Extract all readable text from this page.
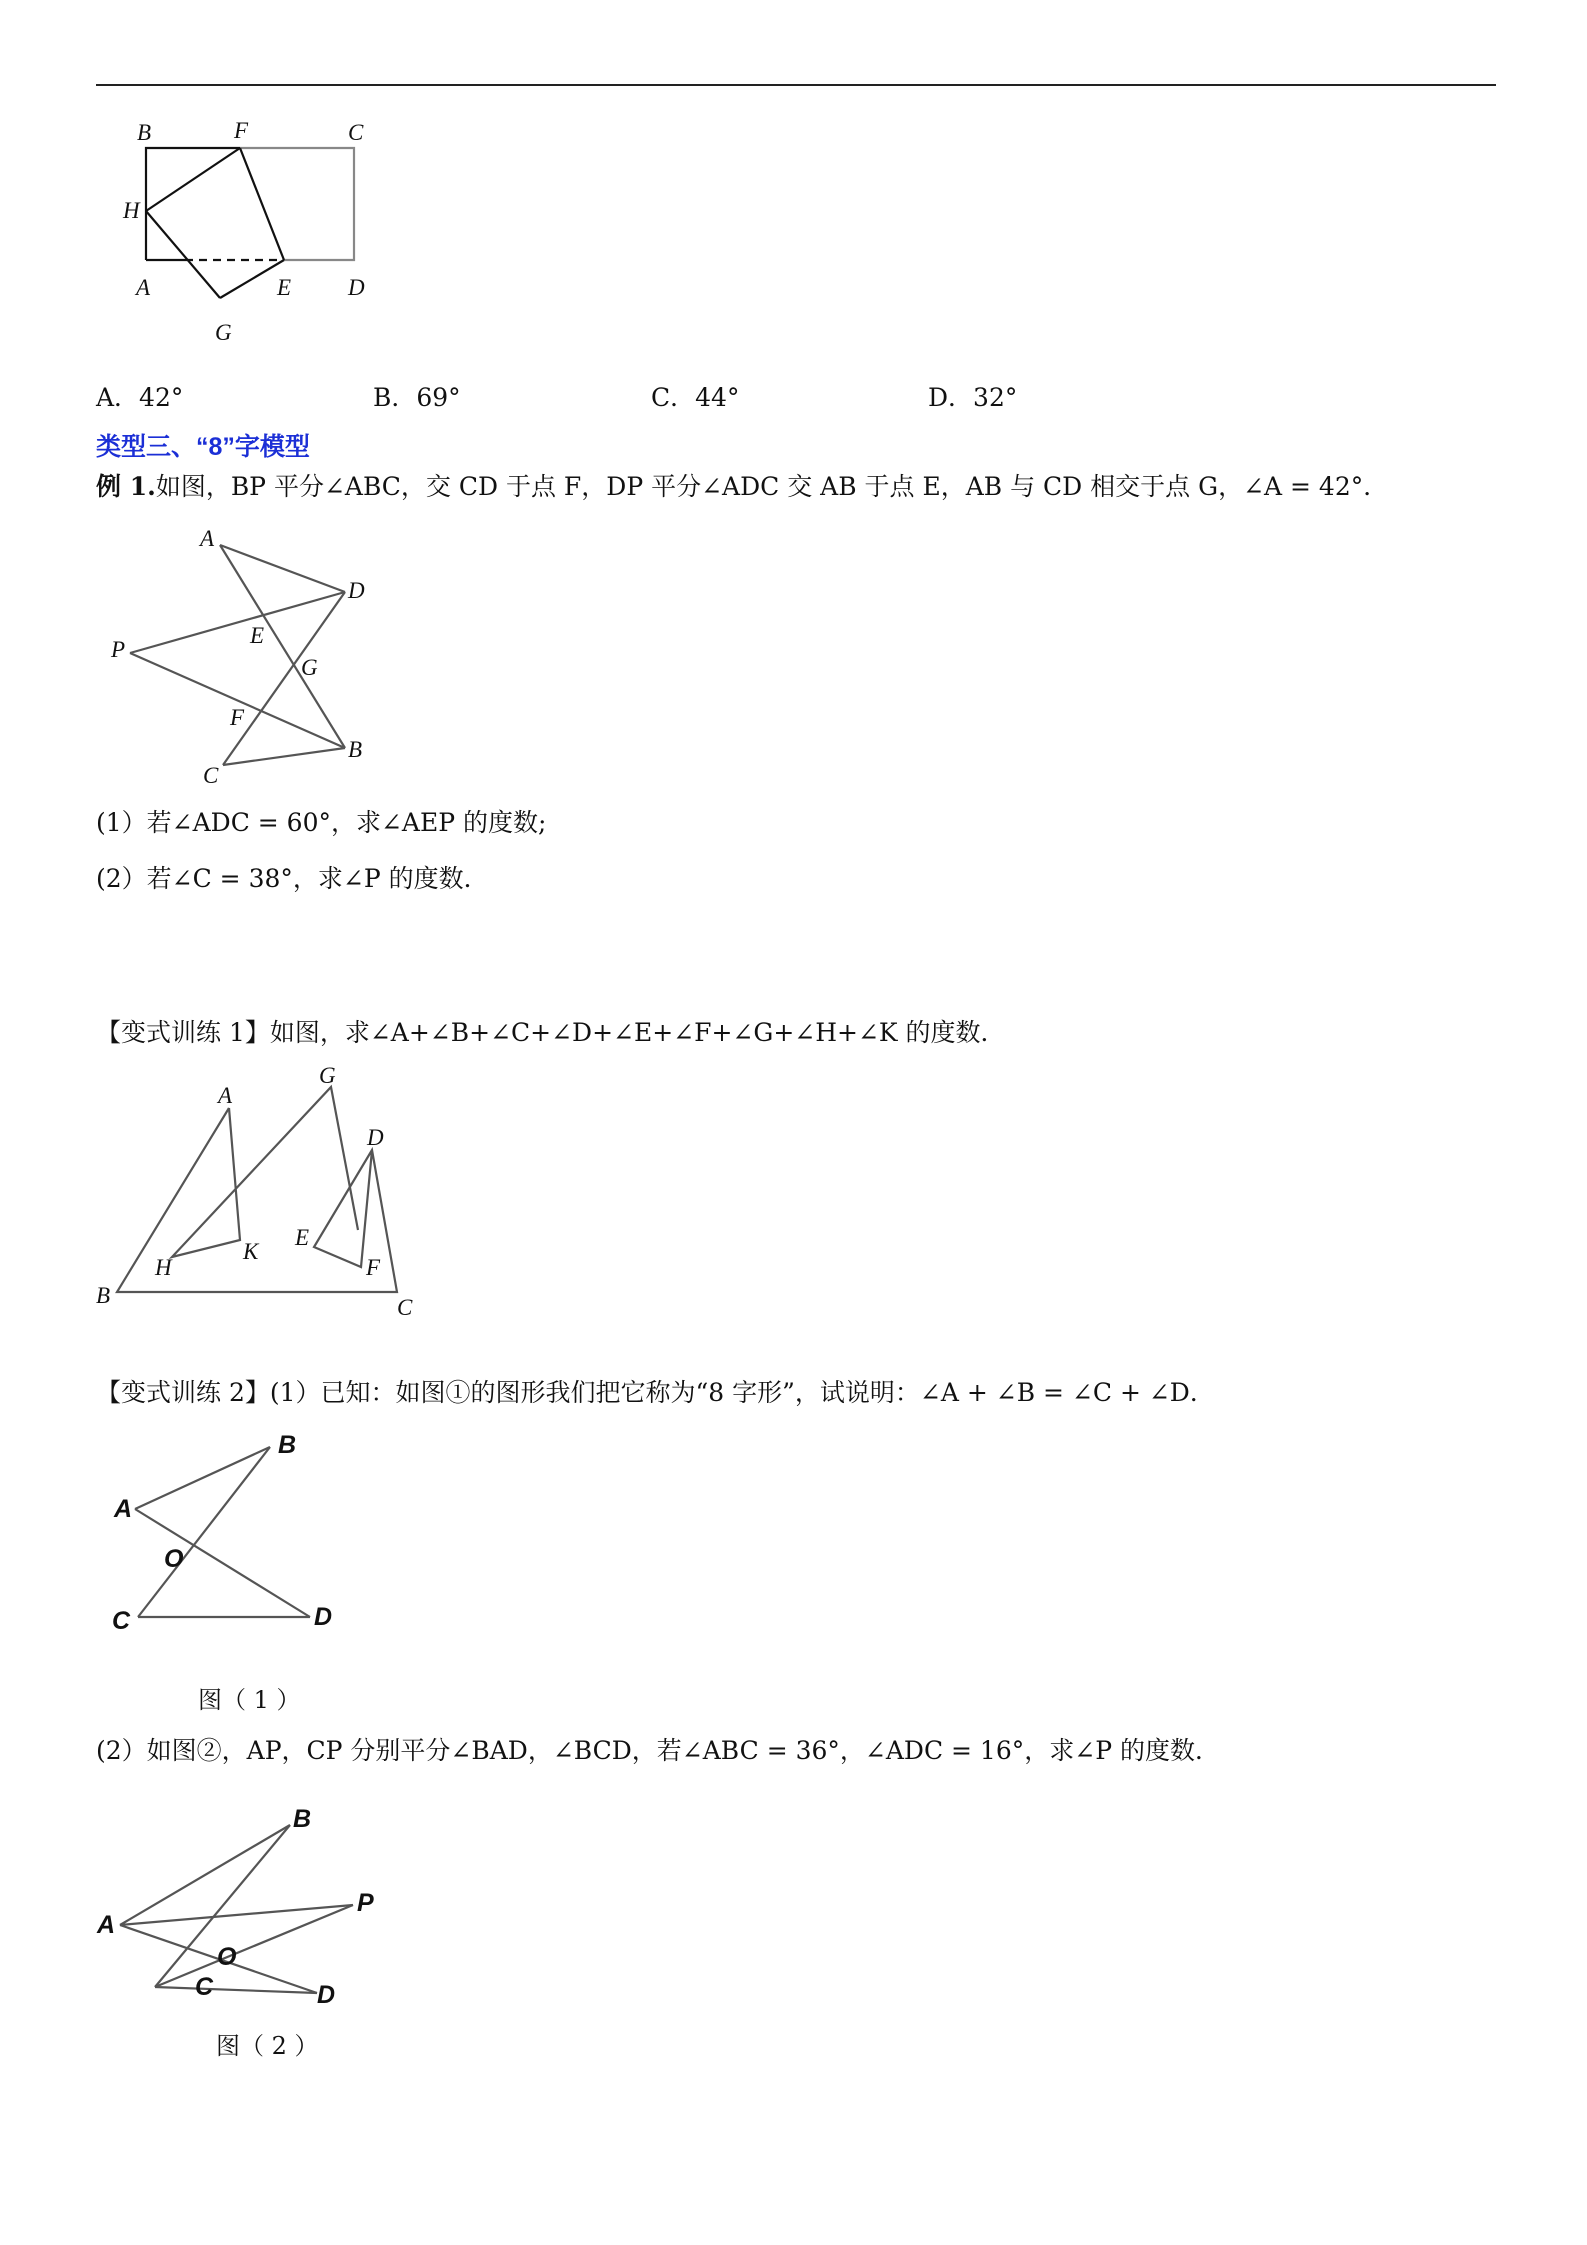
B	F	C
H
A	E D
G
A．42°	B．69°	C．44°	D．32°
类型三、“8”字模型
例 1.如图，BP 平分∠ABC，交 CD 于点 F，DP 平分∠ADC 交 AB 于点 E，AB 与 CD 相交于点 G，∠A = 42°．
A
D
E
P
G
F
C
B
(1）若∠ADC = 60°，求∠AEP 的度数;
(2）若∠C = 38°，求∠P 的度数．
【变式训练 1】如图，求∠A+∠B+∠C+∠D+∠E+∠F+∠G+∠H+∠K 的度数．
A
G
D
E
H
K
F
B	C
【变式训练 2】(1）已知：如图①的图形我们把它称为“8 字形”，试说明：∠A + ∠B = ∠C + ∠D．
A
B
O
C	D
图（ 1 ）
(2）如图②，AP，CP 分别平分∠BAD，∠BCD，若∠ABC = 36°，∠ADC = 16°，求∠P 的度数．
A
B
P
O
C	D
图（ 2 ）
